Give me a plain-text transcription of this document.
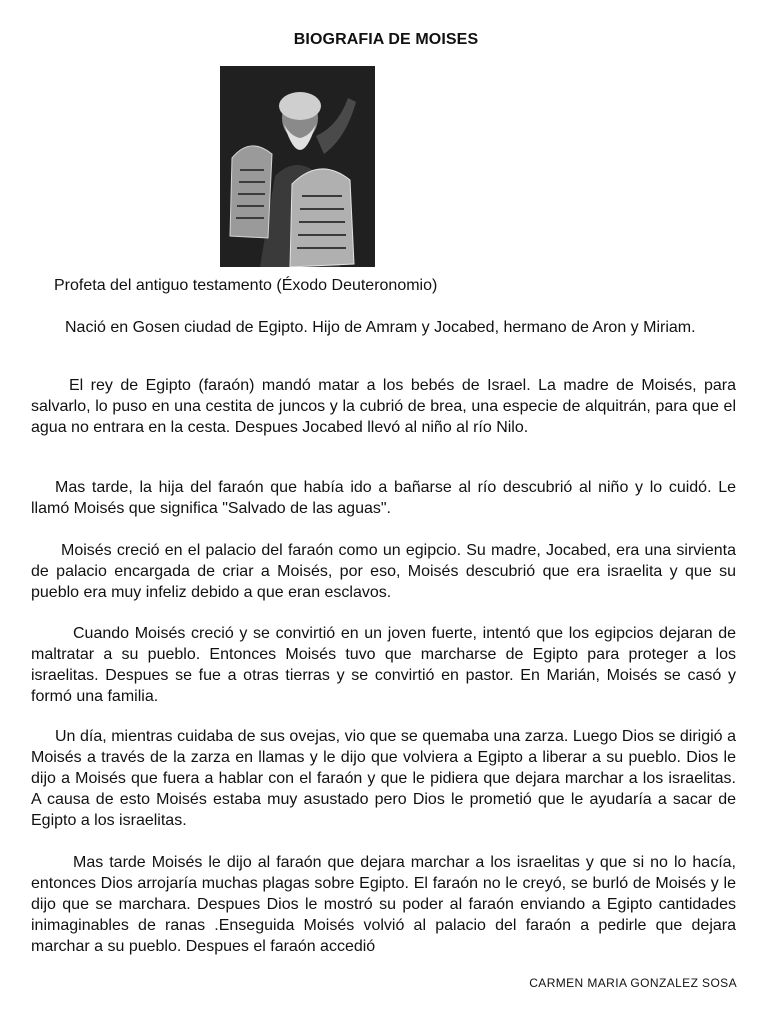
BIOGRAFIA DE MOISES
Profeta del antiguo testamento (Éxodo Deuteronomio)

Nació en Gosen ciudad de Egipto. Hijo de Amram y Jocabed, hermano de Aron y Miriam.

El rey de Egipto (faraón) mandó matar a los bebés de Israel. La madre de Moisés, para salvarlo, lo puso en una cestita de juncos y la cubrió de brea, una especie de alquitrán, para que el agua no entrara en la cesta. Despues Jocabed llevó al niño al río Nilo.

Mas tarde, la hija del faraón que había ido a bañarse al río descubrió al niño y lo cuidó. Le llamó Moisés que significa "Salvado de las aguas".

Moisés creció en el palacio del faraón como un egipcio. Su madre, Jocabed, era una sirvienta de palacio encargada de criar a Moisés, por eso, Moisés descubrió que era israelita y que su pueblo era muy infeliz debido a que eran esclavos.

Cuando Moisés creció y se convirtió en un joven fuerte, intentó que los egipcios dejaran de maltratar a su pueblo. Entonces Moisés tuvo que marcharse de Egipto para proteger a los israelitas. Despues se fue a otras tierras y se convirtió en pastor. En Marián, Moisés se casó y formó una familia.

Un día, mientras cuidaba de sus ovejas, vio que se quemaba una zarza. Luego Dios se dirigió a Moisés a través de la zarza en llamas y le dijo que volviera a Egipto a liberar a su pueblo. Dios le dijo a Moisés que fuera a hablar con el faraón y que le pidiera que dejara marchar a los israelitas. A causa de esto Moisés estaba muy asustado pero Dios le prometió que le ayudaría a sacar de Egipto a los israelitas.

Mas tarde Moisés le dijo al faraón que dejara marchar a los israelitas y que si no lo hacía, entonces Dios arrojaría muchas plagas sobre Egipto. El faraón no le creyó, se burló de Moisés y le dijo que se marchara. Despues Dios le mostró su poder al faraón enviando a Egipto cantidades inimaginables de ranas .Enseguida Moisés volvió al palacio del faraón a pedirle que dejara marchar a su pueblo. Despues el faraón accedió

CARMEN MARIA GONZALEZ SOSA
